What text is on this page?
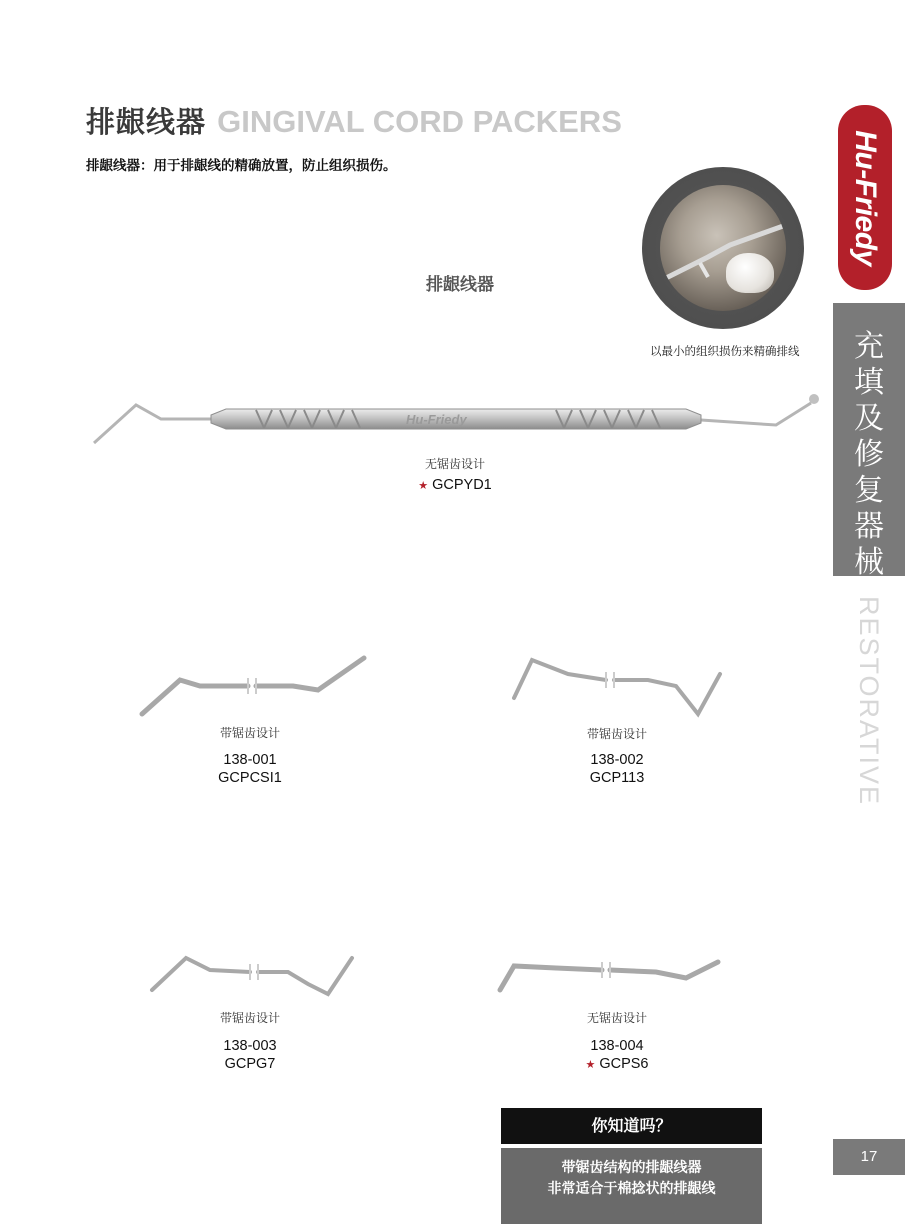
排龈线器 GINGIVAL CORD PACKERS
排龈线器：用于排龈线的精确放置，防止组织损伤。	Hu-Friedy
以最小的组织损伤来精确排线
排龈线器
Hu-Friedy
无锯齿设计
★ GCPYD1
带锯齿设计
138-001
GCPCSI1
带锯齿设计
138-002
GCP113
带锯齿设计
138-003
GCPG7
无锯齿设计
138-004
★ GCPS6
充
填
及
修
复
器
械
RESTORATIVE
你知道吗？
带锯齿结构的排龈线器
非常适合于棉捻状的排龈线
17
